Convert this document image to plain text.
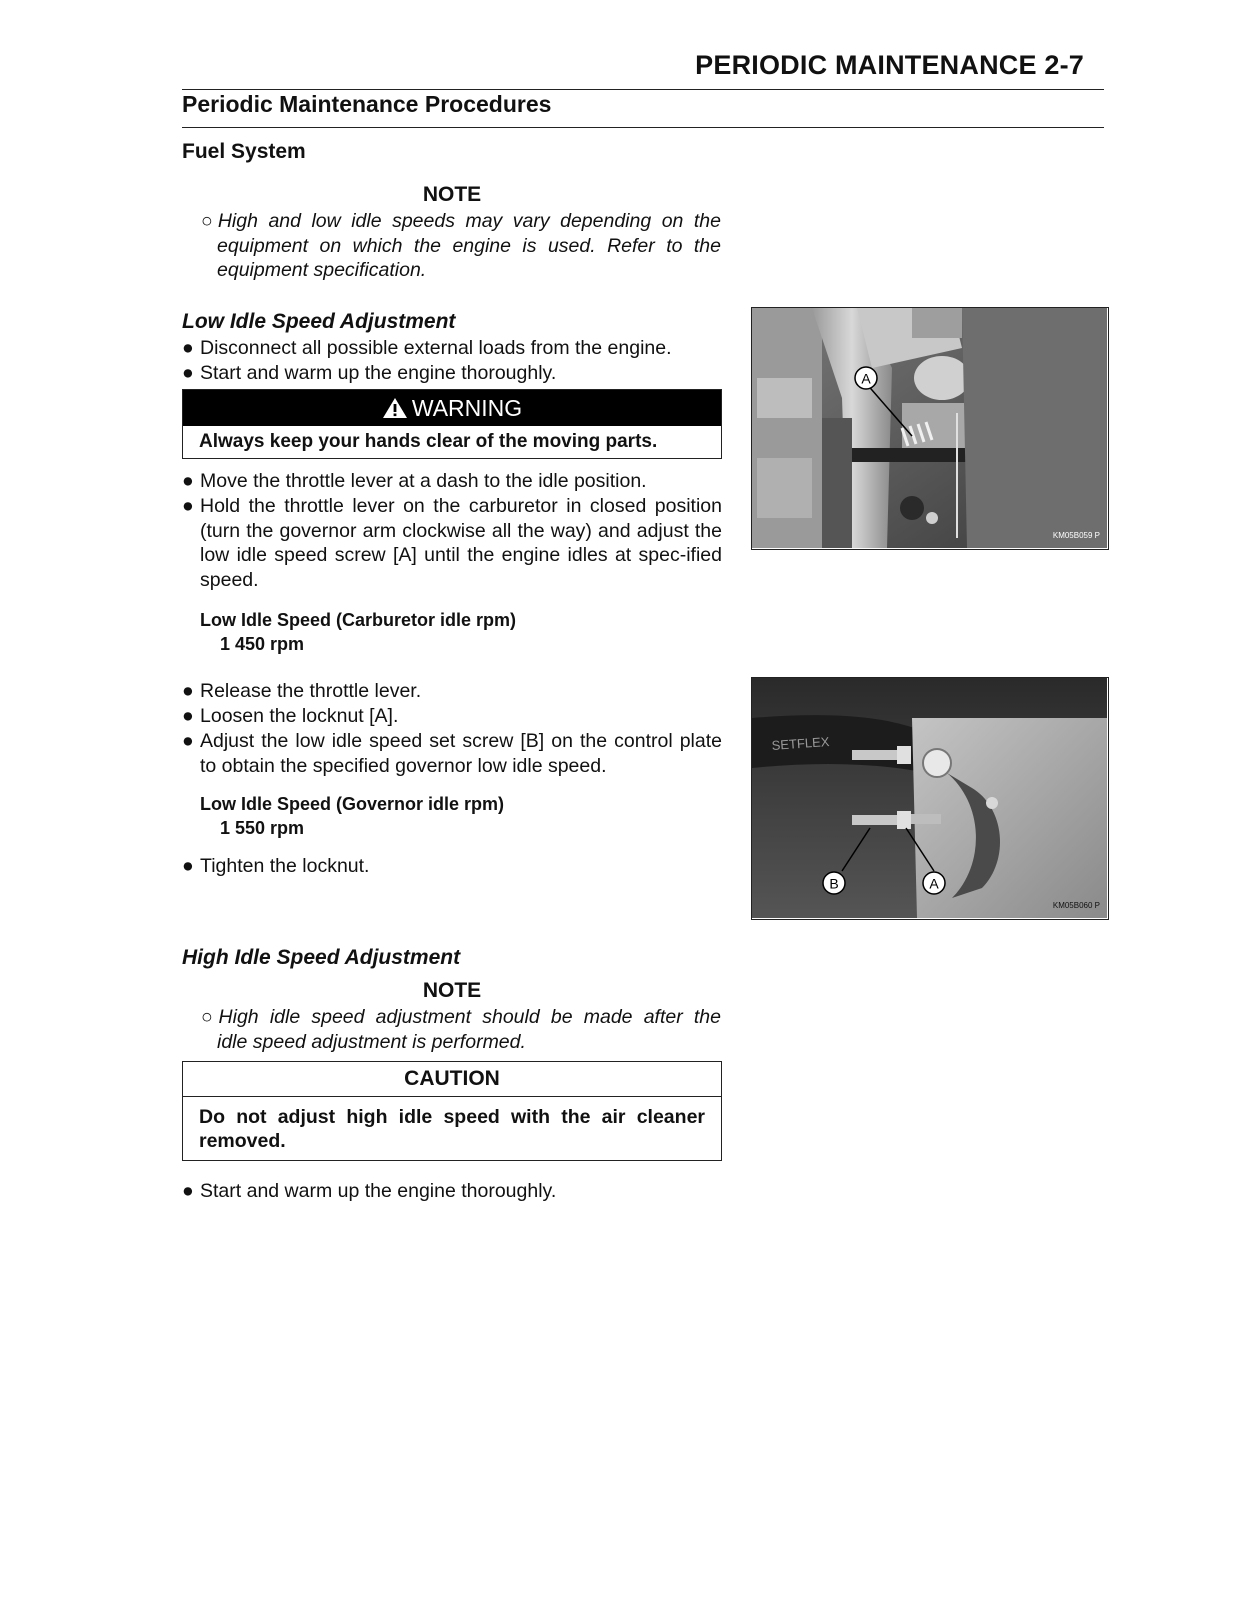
PERIODIC MAINTENANCE 2-7
Periodic Maintenance Procedures
Fuel System
NOTE
○High and low idle speeds may vary depending on the
equipment on which the engine is used. Refer to the
equipment specification.
Low Idle Speed Adjustment
● Disconnect all possible external loads from the engine.
● Start and warm up the engine thoroughly.
WARNING
Always keep your hands clear of the moving parts.
● Move the throttle lever at a dash to the idle position.
● Hold the throttle lever on the carburetor in closed position (turn the governor arm clockwise all the way) and adjust the low idle speed screw [A] until the engine idles at spec-ified speed.
Low Idle Speed (Carburetor idle rpm)
1 450 rpm
● Release the throttle lever.
● Loosen the locknut [A].
● Adjust the low idle speed set screw [B] on the control plate to obtain the specified governor low idle speed.
Low Idle Speed (Governor idle rpm)
1 550 rpm
● Tighten the locknut.
High Idle Speed Adjustment
NOTE
○High idle speed adjustment should be made after the
idle speed adjustment is performed.
CAUTION
Do not adjust high idle speed with the air cleaner removed.
● Start and warm up the engine thoroughly.
A
KM05B059 P
SETFLEX
B	A
KM05B060 P
